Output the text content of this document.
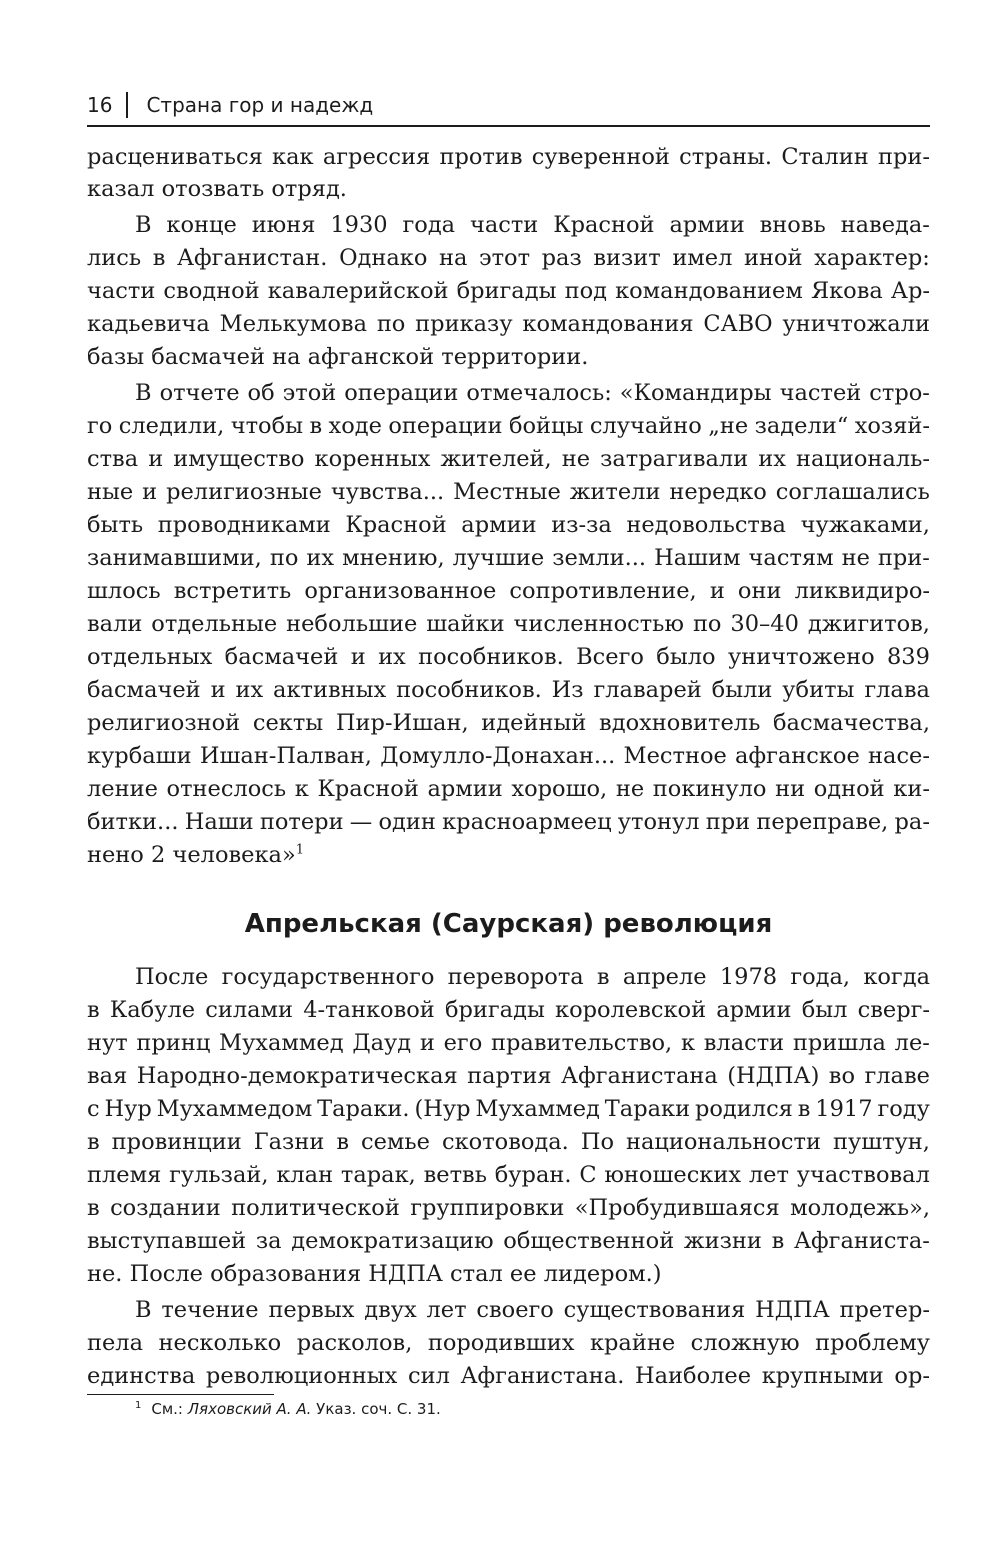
16 Страна гор и надежд
расцениваться как агрессия против суверенной страны. Сталин при-
казал отозвать отряд.
В конце июня 1930 года части Красной армии вновь наведа-
лись в Афганистан. Однако на этот раз визит имел иной характер:
части сводной кавалерийской бригады под командованием Якова Ар-
кадьевича Мелькумова по приказу командования САВО уничтожали
базы басмачей на афганской территории.
В отчете об этой операции отмечалось: «Командиры частей стро-
го следили, чтобы в ходе операции бойцы случайно „не задели“ хозяй-
ства и имущество коренных жителей, не затрагивали их националь-
ные и религиозные чувства... Местные жители нередко соглашались
быть проводниками Красной армии из-за недовольства чужаками,
занимавшими, по их мнению, лучшие земли... Нашим частям не при-
шлось встретить организованное сопротивление, и они ликвидиро-
вали отдельные небольшие шайки численностью по 30–40 джигитов,
отдельных басмачей и их пособников. Всего было уничтожено 839
басмачей и их активных пособников. Из главарей были убиты глава
религиозной секты Пир-Ишан, идейный вдохновитель басмачества,
курбаши Ишан-Палван, Домулло-Донахан... Местное афганское насе-
ление отнеслось к Красной армии хорошо, не покинуло ни одной ки-
битки... Наши потери — один красноармеец утонул при переправе, ра-
нено 2 человека»$^1$
Апрельская (Саурская) революция
После государственного переворота в апреле 1978 года, когда
в Кабуле силами 4-танковой бригады королевской армии был сверг-
нут принц Мухаммед Дауд и его правительство, к власти пришла ле-
вая Народно-демократическая партия Афганистана (НДПА) во главе
с Нур Мухаммедом Тараки. (Нур Мухаммед Тараки родился в 1917 году
в провинции Газни в семье скотовода. По национальности пуштун,
племя гульзай, клан тарак, ветвь буран. С юношеских лет участвовал
в создании политической группировки «Пробудившаяся молодежь»,
выступавшей за демократизацию общественной жизни в Афганиста-
не. После образования НДПА стал ее лидером.)
В течение первых двух лет своего существования НДПА претер-
пела несколько расколов, породивших крайне сложную проблему
единства революционных сил Афганистана. Наиболее крупными ор-
$^1$ См.: Ляховский А. А. Указ. соч. С. 31.
